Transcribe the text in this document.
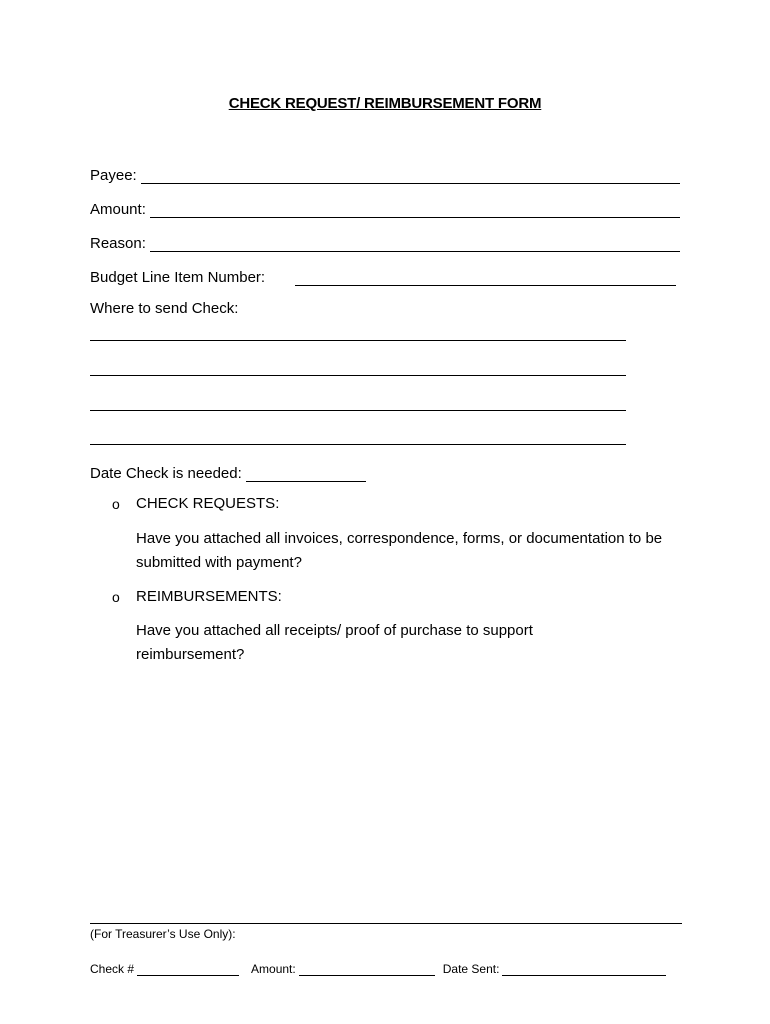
CHECK REQUEST/ REIMBURSEMENT FORM
Payee:
Amount:
Reason:
Budget Line Item Number:
Where to send Check:
Date Check is needed:
o CHECK REQUESTS:
Have you attached all invoices, correspondence, forms, or documentation to be submitted with payment?
o REIMBURSEMENTS:
Have you attached all receipts/ proof of purchase to support reimbursement?
(For Treasurer’s Use Only):
Check #	Amount:	Date Sent:
